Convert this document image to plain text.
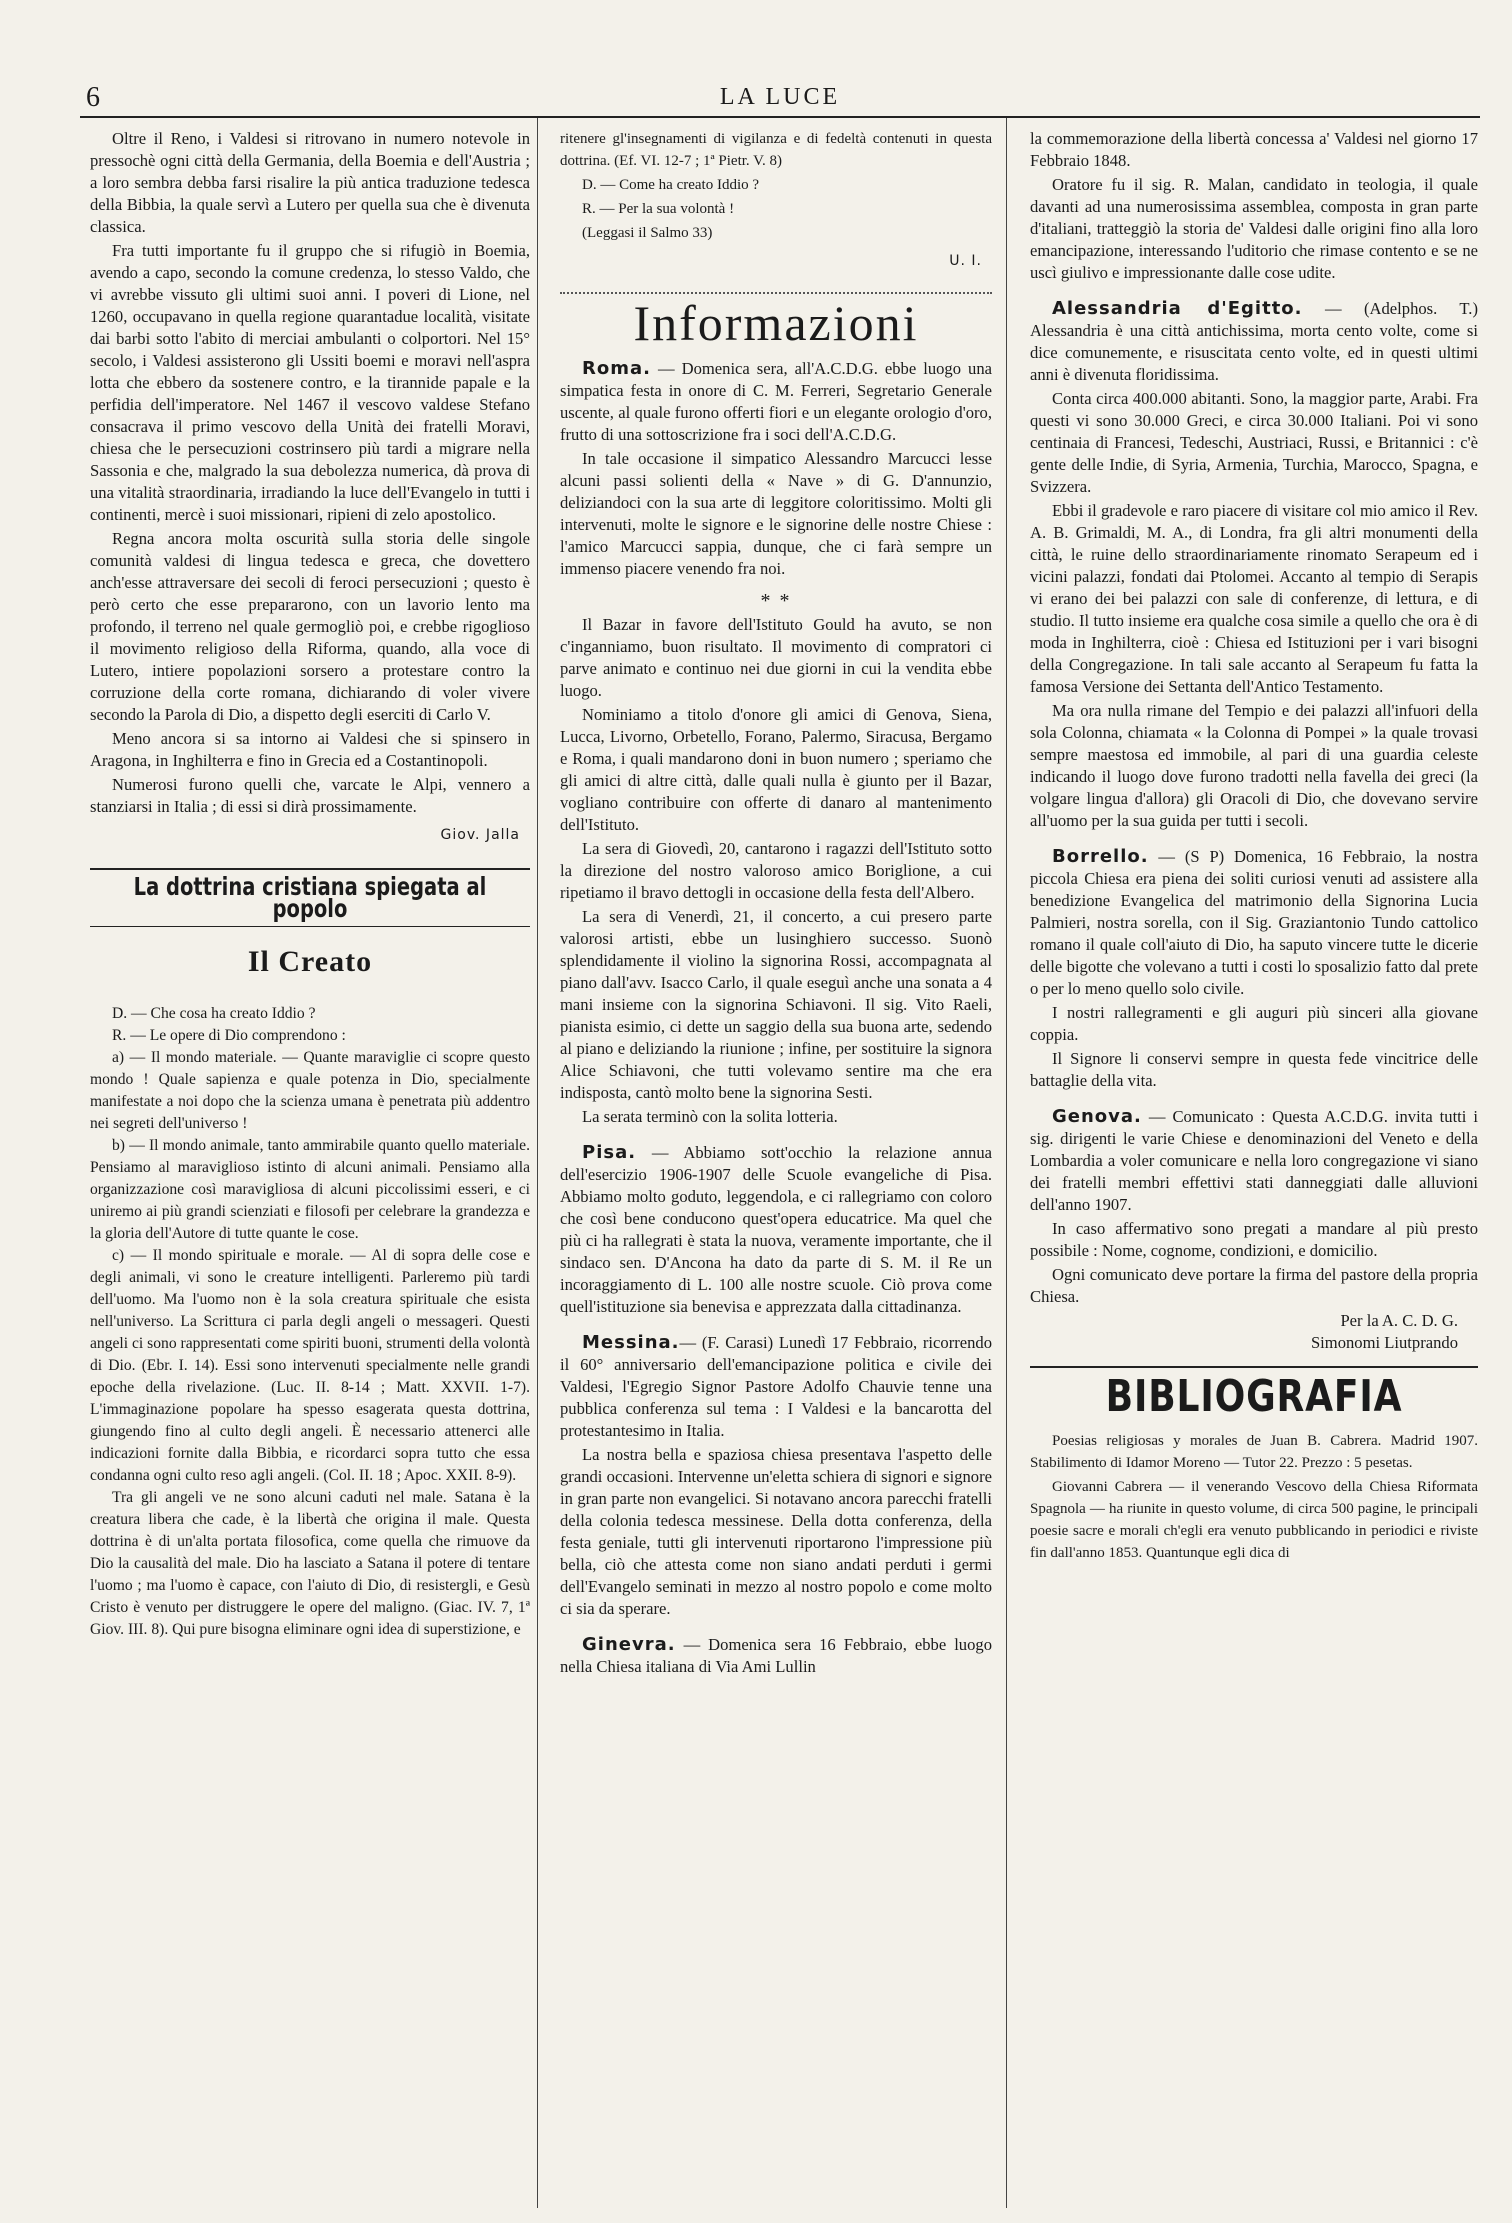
6	LA LUCE

Oltre il Reno, i Valdesi si ritrovano in numero notevole in pressochè ogni città della Germania, della Boemia e dell'Austria ; a loro sembra debba farsi risalire la più antica traduzione tedesca della Bibbia, la quale servì a Lutero per quella sua che è divenuta classica.

Fra tutti importante fu il gruppo che si rifugiò in Boemia, avendo a capo, secondo la comune credenza, lo stesso Valdo, che vi avrebbe vissuto gli ultimi suoi anni. I poveri di Lione, nel 1260, occupavano in quella regione quarantadue località, visitate dai barbi sotto l'abito di merciai ambulanti o colportori. Nel 15° secolo, i Valdesi assisterono gli Ussiti boemi e moravi nell'aspra lotta che ebbero da sostenere contro, e la tirannide papale e la perfidia dell'imperatore. Nel 1467 il vescovo valdese Stefano consacrava il primo vescovo della Unità dei fratelli Moravi, chiesa che le persecuzioni costrinsero più tardi a migrare nella Sassonia e che, malgrado la sua debolezza numerica, dà prova di una vitalità straordinaria, irradiando la luce dell'Evangelo in tutti i continenti, mercè i suoi missionari, ripieni di zelo apostolico.

Regna ancora molta oscurità sulla storia delle singole comunità valdesi di lingua tedesca e greca, che dovettero anch'esse attraversare dei secoli di feroci persecuzioni ; questo è però certo che esse prepararono, con un lavorio lento ma profondo, il terreno nel quale germogliò poi, e crebbe rigoglioso il movimento religioso della Riforma, quando, alla voce di Lutero, intiere popolazioni sorsero a protestare contro la corruzione della corte romana, dichiarando di voler vivere secondo la Parola di Dio, a dispetto degli eserciti di Carlo V.

Meno ancora si sa intorno ai Valdesi che si spinsero in Aragona, in Inghilterra e fino in Grecia ed a Costantinopoli.

Numerosi furono quelli che, varcate le Alpi, vennero a stanziarsi in Italia ; di essi si dirà prossimamente.

Giov. Jalla
La dottrina cristiana spiegata al popolo
Il Creato

D. — Che cosa ha creato Iddio ?

R. — Le opere di Dio comprendono :

a) — Il mondo materiale. — Quante maraviglie ci scopre questo mondo ! Quale sapienza e quale potenza in Dio, specialmente manifestate a noi dopo che la scienza umana è penetrata più addentro nei segreti dell'universo !

b) — Il mondo animale, tanto ammirabile quanto quello materiale. Pensiamo al maraviglioso istinto di alcuni animali. Pensiamo alla organizzazione così maravigliosa di alcuni piccolissimi esseri, e ci uniremo ai più grandi scienziati e filosofi per celebrare la grandezza e la gloria dell'Autore di tutte quante le cose.

c) — Il mondo spirituale e morale. — Al di sopra delle cose e degli animali, vi sono le creature intelligenti. Parleremo più tardi dell'uomo. Ma l'uomo non è la sola creatura spirituale che esista nell'universo. La Scrittura ci parla degli angeli o messageri. Questi angeli ci sono rappresentati come spiriti buoni, strumenti della volontà di Dio. (Ebr. I. 14). Essi sono intervenuti specialmente nelle grandi epoche della rivelazione. (Luc. II. 8-14 ; Matt. XXVII. 1-7). L'immaginazione popolare ha spesso esagerata questa dottrina, giungendo fino al culto degli angeli. È necessario attenerci alle indicazioni fornite dalla Bibbia, e ricordarci sopra tutto che essa condanna ogni culto reso agli angeli. (Col. II. 18 ; Apoc. XXII. 8-9).

Tra gli angeli ve ne sono alcuni caduti nel male. Satana è la creatura libera che cade, è la libertà che origina il male. Questa dottrina è di un'alta portata filosofica, come quella che rimuove da Dio la causalità del male. Dio ha lasciato a Satana il potere di tentare l'uomo ; ma l'uomo è capace, con l'aiuto di Dio, di resistergli, e Gesù Cristo è venuto per distruggere le opere del maligno. (Giac. IV. 7, 1ª Giov. III. 8). Qui pure bisogna eliminare ogni idea di superstizione, e

ritenere gl'insegnamenti di vigilanza e di fedeltà contenuti in questa dottrina. (Ef. VI. 12-7 ; 1ª Pietr. V. 8)

D. — Come ha creato Iddio ?

R. — Per la sua volontà !

(Leggasi il Salmo 33)

U. I.
Informazioni

Roma. — Domenica sera, all'A.C.D.G. ebbe luogo una simpatica festa in onore di C. M. Ferreri, Segretario Generale uscente, al quale furono offerti fiori e un elegante orologio d'oro, frutto di una sottoscrizione fra i soci dell'A.C.D.G.

In tale occasione il simpatico Alessandro Marcucci lesse alcuni passi solienti della « Nave » di G. D'annunzio, deliziandoci con la sua arte di leggitore coloritissimo. Molti gli intervenuti, molte le signore e le signorine delle nostre Chiese : l'amico Marcucci sappia, dunque, che ci farà sempre un immenso piacere venendo fra noi.

* *

Il Bazar in favore dell'Istituto Gould ha avuto, se non c'inganniamo, buon risultato. Il movimento di compratori ci parve animato e continuo nei due giorni in cui la vendita ebbe luogo.

Nominiamo a titolo d'onore gli amici di Genova, Siena, Lucca, Livorno, Orbetello, Forano, Palermo, Siracusa, Bergamo e Roma, i quali mandarono doni in buon numero ; speriamo che gli amici di altre città, dalle quali nulla è giunto per il Bazar, vogliano contribuire con offerte di danaro al mantenimento dell'Istituto.

La sera di Giovedì, 20, cantarono i ragazzi dell'Istituto sotto la direzione del nostro valoroso amico Boriglione, a cui ripetiamo il bravo dettogli in occasione della festa dell'Albero.

La sera di Venerdì, 21, il concerto, a cui presero parte valorosi artisti, ebbe un lusinghiero successo. Suonò splendidamente il violino la signorina Rossi, accompagnata al piano dall'avv. Isacco Carlo, il quale eseguì anche una sonata a 4 mani insieme con la signorina Schiavoni. Il sig. Vito Raeli, pianista esimio, ci dette un saggio della sua buona arte, sedendo al piano e deliziando la riunione ; infine, per sostituire la signora Alice Schiavoni, che tutti volevamo sentire ma che era indisposta, cantò molto bene la signorina Sesti.

La serata terminò con la solita lotteria.

Pisa. — Abbiamo sott'occhio la relazione annua dell'esercizio 1906-1907 delle Scuole evangeliche di Pisa. Abbiamo molto goduto, leggendola, e ci rallegriamo con coloro che così bene conducono quest'opera educatrice. Ma quel che più ci ha rallegrati è stata la nuova, veramente importante, che il sindaco sen. D'Ancona ha dato da parte di S. M. il Re un incoraggiamento di L. 100 alle nostre scuole. Ciò prova come quell'istituzione sia benevisa e apprezzata dalla cittadinanza.

Messina.— (F. Carasi) Lunedì 17 Febbraio, ricorrendo il 60° anniversario dell'emancipazione politica e civile dei Valdesi, l'Egregio Signor Pastore Adolfo Chauvie tenne una pubblica conferenza sul tema : I Valdesi e la bancarotta del protestantesimo in Italia.

La nostra bella e spaziosa chiesa presentava l'aspetto delle grandi occasioni. Intervenne un'eletta schiera di signori e signore in gran parte non evangelici. Si notavano ancora parecchi fratelli della colonia tedesca messinese. Della dotta conferenza, della festa geniale, tutti gli intervenuti riportarono l'impressione più bella, ciò che attesta come non siano andati perduti i germi dell'Evangelo seminati in mezzo al nostro popolo e come molto ci sia da sperare.

Ginevra. — Domenica sera 16 Febbraio, ebbe luogo nella Chiesa italiana di Via Ami Lullin

la commemorazione della libertà concessa a' Valdesi nel giorno 17 Febbraio 1848.

Oratore fu il sig. R. Malan, candidato in teologia, il quale davanti ad una numerosissima assemblea, composta in gran parte d'italiani, tratteggiò la storia de' Valdesi dalle origini fino alla loro emancipazione, interessando l'uditorio che rimase contento e se ne uscì giulivo e impressionante dalle cose udite.

Alessandria d'Egitto. — (Adelphos. T.) Alessandria è una città antichissima, morta cento volte, come si dice comunemente, e risuscitata cento volte, ed in questi ultimi anni è divenuta floridissima.

Conta circa 400.000 abitanti. Sono, la maggior parte, Arabi. Fra questi vi sono 30.000 Greci, e circa 30.000 Italiani. Poi vi sono centinaia di Francesi, Tedeschi, Austriaci, Russi, e Britannici : c'è gente delle Indie, di Syria, Armenia, Turchia, Marocco, Spagna, e Svizzera.

Ebbi il gradevole e raro piacere di visitare col mio amico il Rev. A. B. Grimaldi, M. A., di Londra, fra gli altri monumenti della città, le ruine dello straordinariamente rinomato Serapeum ed i vicini palazzi, fondati dai Ptolomei. Accanto al tempio di Serapis vi erano dei bei palazzi con sale di conferenze, di lettura, e di studio. Il tutto insieme era qualche cosa simile a quello che ora è di moda in Inghilterra, cioè : Chiesa ed Istituzioni per i vari bisogni della Congregazione. In tali sale accanto al Serapeum fu fatta la famosa Versione dei Settanta dell'Antico Testamento.

Ma ora nulla rimane del Tempio e dei palazzi all'infuori della sola Colonna, chiamata « la Colonna di Pompei » la quale trovasi sempre maestosa ed immobile, al pari di una guardia celeste indicando il luogo dove furono tradotti nella favella dei greci (la volgare lingua d'allora) gli Oracoli di Dio, che dovevano servire all'uomo per la sua guida per tutti i secoli.

Borrello. — (S P) Domenica, 16 Febbraio, la nostra piccola Chiesa era piena dei soliti curiosi venuti ad assistere alla benedizione Evangelica del matrimonio della Signorina Lucia Palmieri, nostra sorella, con il Sig. Graziantonio Tundo cattolico romano il quale coll'aiuto di Dio, ha saputo vincere tutte le dicerie delle bigotte che volevano a tutti i costi lo sposalizio fatto dal prete o per lo meno quello solo civile.

I nostri rallegramenti e gli auguri più sinceri alla giovane coppia.

Il Signore li conservi sempre in questa fede vincitrice delle battaglie della vita.

Genova. — Comunicato : Questa A.C.D.G. invita tutti i sig. dirigenti le varie Chiese e denominazioni del Veneto e della Lombardia a voler comunicare e nella loro congregazione vi siano dei fratelli membri effettivi stati danneggiati dalle alluvioni dell'anno 1907.

In caso affermativo sono pregati a mandare al più presto possibile : Nome, cognome, condizioni, e domicilio.

Ogni comunicato deve portare la firma del pastore della propria Chiesa.

Per la A. C. D. G.
Simonomi Liutprando
BIBLIOGRAFIA

Poesias religiosas y morales de Juan B. Cabrera. Madrid 1907. Stabilimento di Idamor Moreno — Tutor 22. Prezzo : 5 pesetas.

Giovanni Cabrera — il venerando Vescovo della Chiesa Riformata Spagnola — ha riunite in questo volume, di circa 500 pagine, le principali poesie sacre e morali ch'egli era venuto pubblicando in periodici e riviste fin dall'anno 1853. Quantunque egli dica di
